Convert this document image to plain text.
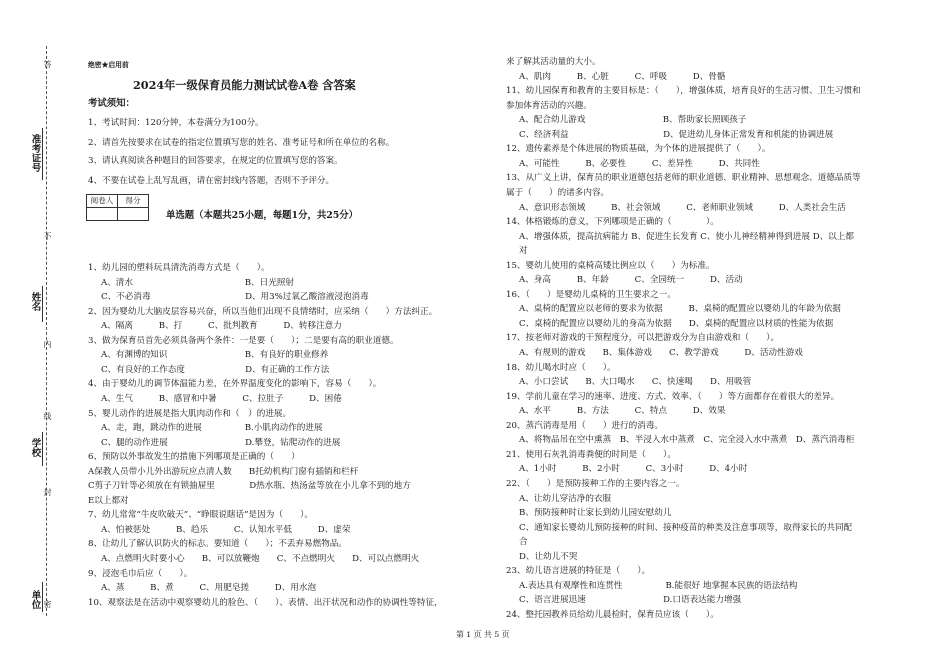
准考证号
姓名
学校
单位
答
不
内
线
封
密
绝密★启用前
2024年一级保育员能力测试试卷A卷 含答案
考试须知：
1、考试时间：120分钟，本卷满分为100分。
2、请首先按要求在试卷的指定位置填写您的姓名、准考证号和所在单位的名称。
3、请认真阅读各种题目的回答要求，在规定的位置填写您的答案。
4、不要在试卷上乱写乱画，请在密封线内答题，否则不予评分。
阅卷人	得分

单选题（本题共25小题，每题1分，共25分）
1、幼儿园的塑料玩具清洗消毒方式是（　　）。
A、清水　　　　　　　　　　　　　B、日光照射
C、不必消毒　　　　　　　　　　　D、用3%过氧乙酸溶液浸泡消毒
2、因为婴幼儿大脑皮层容易兴奋，所以当他们出现不良情绪时，应采纳（　　）方法纠正。
A、隔离　　　B、打　　　C、批判教育　　　D、转移注意力
3、做为保育员首先必须具备两个条件：一是要（　　）；二是要有高的职业道德。
A、有渊博的知识　　　　　　　　　B、有良好的职业修养
C、有良好的工作态度　　　　　　　D、有正确的工作方法
4、由于婴幼儿的调节体温能力差，在外界温度变化的影响下，容易（　　）。
A、生气　　　B、感冒和中暑　　　C、拉肚子　　　D、困倦
5、婴儿动作的进展是指大肌肉动作和（　）的进展。
A、走，跑，跳动作的进展　　　　　B.小肌肉动作的进展
C、腿的动作进展　　　　　　　　　D.攀登，钻爬动作的进展
6、预防以外事故发生的措施下列哪项是正确的（　　）
A保教人员带小儿外出游玩应点清人数　　B托幼机构门窗有插销和栏杆
C剪子刀针等必须放在有锁抽屉里　　　　D热水瓶、热汤盆等放在小儿拿不到的地方
E以上都对
7、幼儿常常“牛皮吹破天”、“睁眼说瞎话”是因为（　　）。
A、怕被惩处　　　B、趋乐　　　C、认知水平低　　　D、虚荣
8、让幼儿了解认识防火的标志。要知道（　　）；不丢弃易燃物品。
A、点燃明火时要小心　　B、可以放鞭炮　　C、不点燃明火　　D、可以点燃明火
9、浸泡毛巾后应（　　）。
A、蒸　　　B、煮　　　C、用肥皂搓　　　D、用水泡
10、观察法是在活动中观察婴幼儿的脸色、（　　）、表情、出汗状况和动作的协调性等特征，
来了解其活动量的大小。
A、肌肉　　　B、心脏　　　C、呼吸　　　D、骨骼
11、幼儿园保育和教育的主要目标是：（　　），增强体质，培育良好的生活习惯、卫生习惯和
参加体育活动的兴趣。
A、配合幼儿游戏　　　　　　　　　B、帮助家长照顾孩子
C、经济利益　　　　　　　　　　　D、促进幼儿身体正常发育和机能的协调进展
12、遗传素养是个体进展的物质基础，为个体的进展提供了（　　）。
A、可能性　　　B、必要性　　　C、差异性　　　D、共同性
13、从广义上讲，保育员的职业道德包括老师的职业道德、职业精神、思想观念、道德品质等
属于（　　）的诸多内容。
A、意识形态领域　　　B、社会领域　　　C、老师职业领域　　　D、人类社会生活
14、体格锻炼的意义，下列哪项是正确的（　　　　）。
A、增强体质，提高抗病能力 B、促进生长发育 C、使小儿神经精神得到进展 D、以上都
对
15、婴幼儿使用的桌椅高矮比例应以（　　）为标准。
A、身高　　　B、年龄　　　C、全园统一　　　D、活动
16、（　　）是婴幼儿桌椅的卫生要求之一。
A、桌椅的配置应以老师的要求为依据　　　B、桌椅的配置应以婴幼儿的年龄为依据
C、桌椅的配置应以婴幼儿的身高为依据　　D、桌椅的配置应以材质的性能为依据
17、按老师对游戏的干预程度分，可以把游戏分为自由游戏和（　　）。
A、有规则的游戏　　B、集体游戏　　C、教学游戏　　　D、活动性游戏
18、幼儿喝水时应（　　）。
A、小口尝试　　B、大口喝水　　C、快速喝　　D、用吸管
19、学前儿童在学习的速率、进度、方式、效率、（　　）等方面都存在着很大的差异。
A、水平　　　B、方法　　　C、特点　　　D、效果
20、蒸汽消毒是用（　　）进行的消毒。
A、将物品吊在空中熏蒸　B、半浸入水中蒸煮　C、完全浸入水中蒸煮　D、蒸汽消毒柜
21、使用石灰乳消毒粪便的时间是（　　）。
A、1小时　　　B、2小时　　　C、3小时　　　D、4小时
22、（　　）是预防接种工作的主要内容之一。
A、让幼儿穿洁净的衣服
B、预防接种时让家长到幼儿园安慰幼儿
C、通知家长婴幼儿预防接种的时间、接种疫苗的种类及注意事项等，取得家长的共同配
合
D、让幼儿不哭
23、幼儿语言进展的特征是（　　）。
A.表达具有观摩性和连贯性　　　　　B.能很好 地掌握本民族的语法结构
C、语言进展迅速　　　　　　　　　D.口语表达能力增强
24、整托园教养员给幼儿晨检时，保育员应该（　　）。
第 1 页 共 5 页
